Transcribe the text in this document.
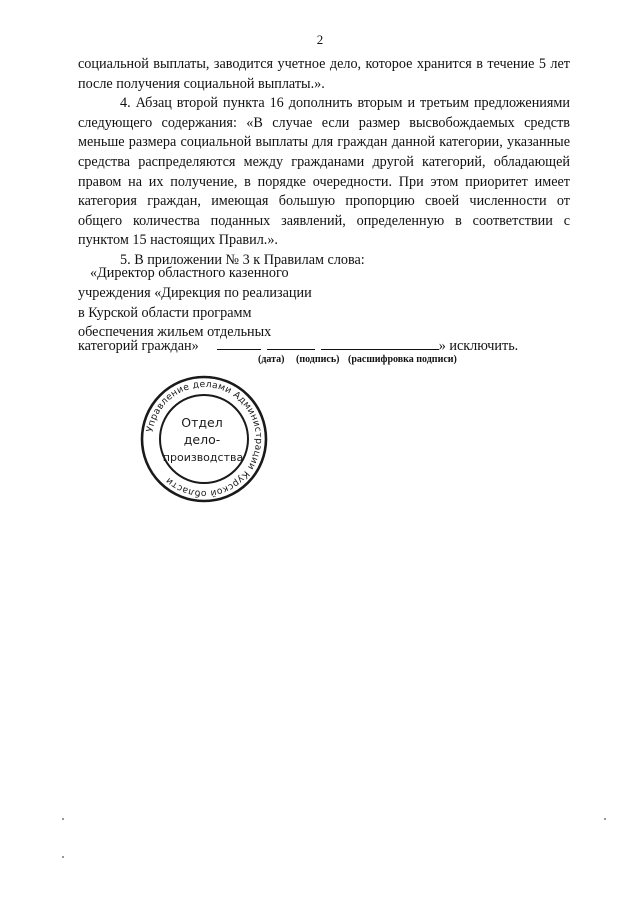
2

социальной выплаты, заводится учетное дело, которое хранится в течение 5 лет после получения социальной выплаты.».

4. Абзац второй пункта 16 дополнить вторым и третьим предложениями следующего содержания: «В случае если размер высвобождаемых средств меньше размера социальной выплаты для граждан данной категории, указанные средства распределяются между гражданами другой категорий, обладающей правом на их получение, в порядке очередности. При этом приоритет имеет категория граждан, имеющая большую пропорцию своей численности от общего количества поданных заявлений, определенную в соответствии с пунктом 15 настоящих Правил.».

5. В приложении № 3 к Правилам слова:

«Директор областного казенного
учреждения «Дирекция по реализации
в Курской области программ
обеспечения жильем отдельных
категорий граждан»	» исключить.
(дата) (подпись) (расшифровка подписи)
Управление делами Администрации Курской области
Отдел
дело-
производства
